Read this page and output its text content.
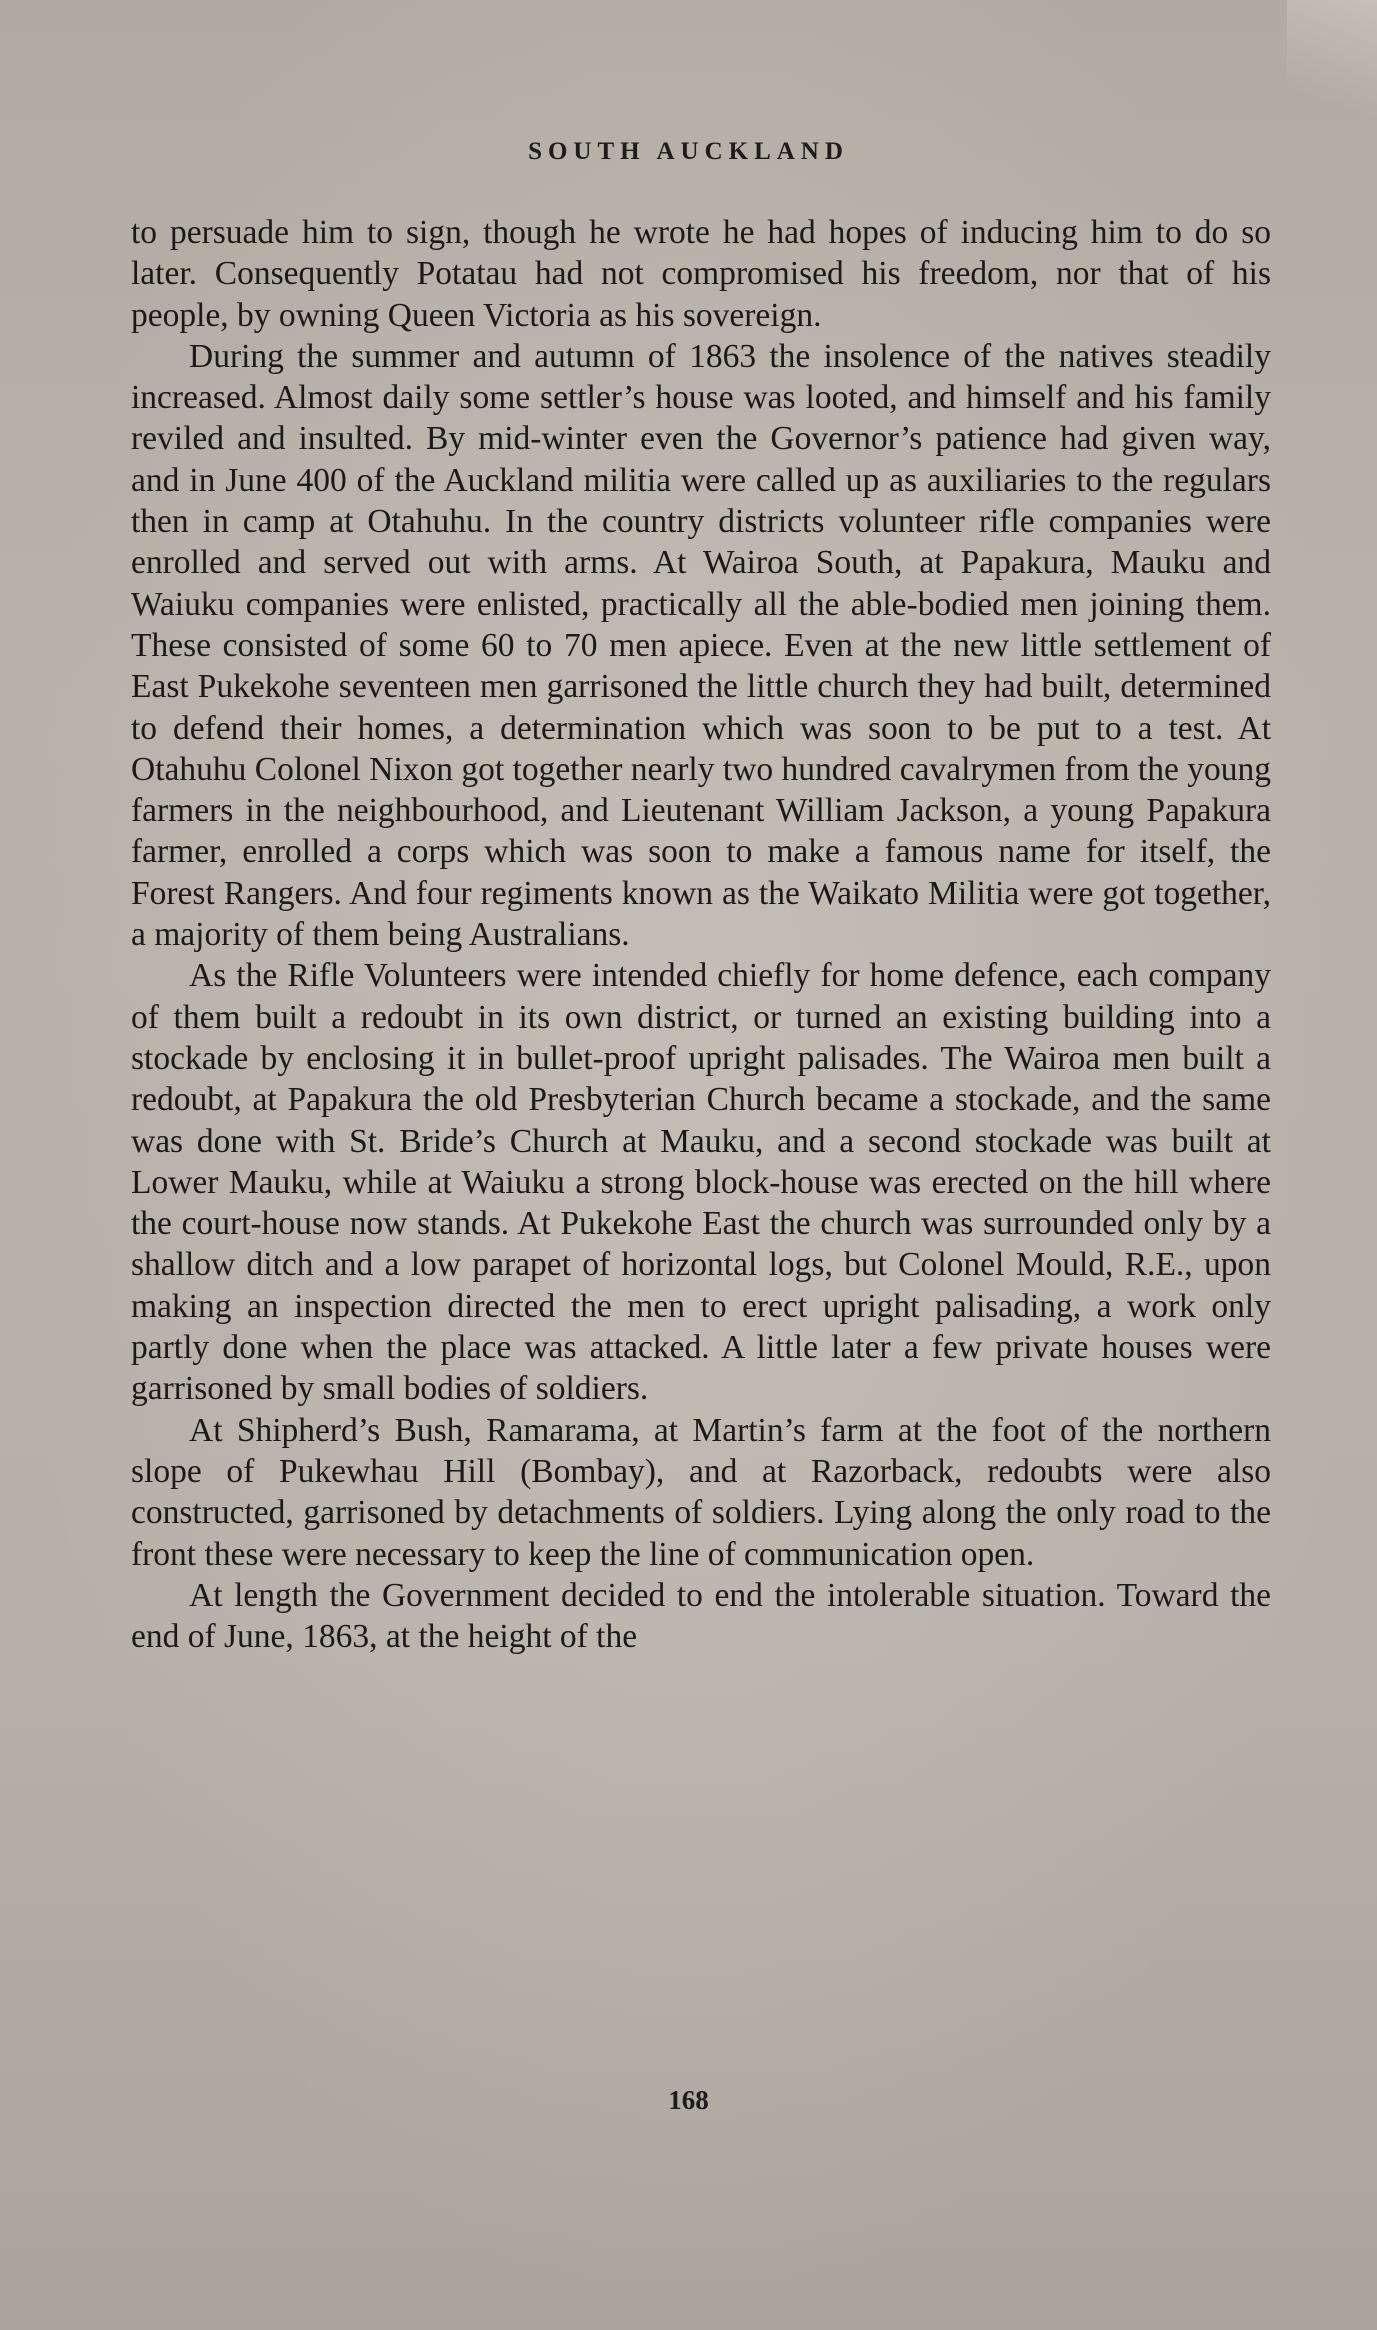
SOUTH AUCKLAND

to persuade him to sign, though he wrote he had hopes of inducing him to do so later. Consequently Potatau had not compromised his freedom, nor that of his people, by owning Queen Victoria as his sovereign.

During the summer and autumn of 1863 the insolence of the natives steadily increased. Almost daily some settler’s house was looted, and himself and his family reviled and insulted. By mid-winter even the Governor’s patience had given way, and in June 400 of the Auckland militia were called up as auxiliaries to the regulars then in camp at Otahuhu. In the country districts volunteer rifle companies were enrolled and served out with arms. At Wairoa South, at Papakura, Mauku and Waiuku companies were enlisted, practically all the able-bodied men joining them. These consisted of some 60 to 70 men apiece. Even at the new little settlement of East Pukekohe seventeen men garrisoned the little church they had built, determined to defend their homes, a determination which was soon to be put to a test. At Otahuhu Colonel Nixon got together nearly two hundred cavalrymen from the young farmers in the neighbourhood, and Lieutenant William Jackson, a young Papakura farmer, enrolled a corps which was soon to make a famous name for itself, the Forest Rangers. And four regiments known as the Waikato Militia were got together, a majority of them being Australians.

As the Rifle Volunteers were intended chiefly for home defence, each company of them built a redoubt in its own district, or turned an existing building into a stockade by enclosing it in bullet-proof upright palisades. The Wairoa men built a redoubt, at Papakura the old Presbyterian Church became a stockade, and the same was done with St. Bride’s Church at Mauku, and a second stockade was built at Lower Mauku, while at Waiuku a strong block-house was erected on the hill where the court-house now stands. At Pukekohe East the church was surrounded only by a shallow ditch and a low parapet of horizontal logs, but Colonel Mould, R.E., upon making an inspection directed the men to erect upright palisading, a work only partly done when the place was attacked. A little later a few private houses were garrisoned by small bodies of soldiers.

At Shipherd’s Bush, Ramarama, at Martin’s farm at the foot of the northern slope of Pukewhau Hill (Bombay), and at Razorback, redoubts were also constructed, garrisoned by detachments of soldiers. Lying along the only road to the front these were necessary to keep the line of communication open.

At length the Government decided to end the intolerable situation. Toward the end of June, 1863, at the height of the

168
